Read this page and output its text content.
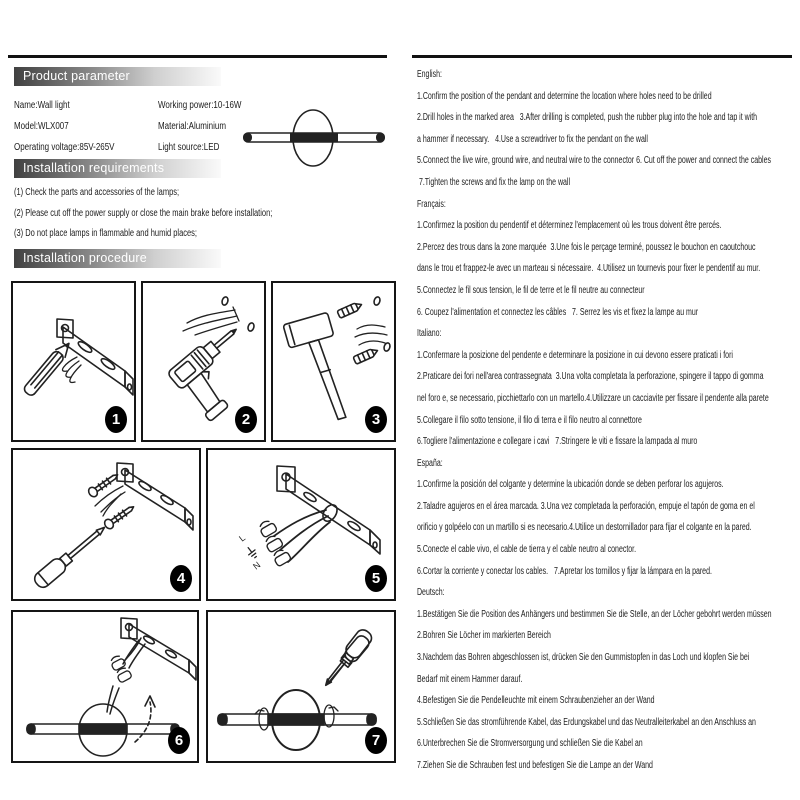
Product parameter
Name:Wall light
Model:WLX007
Operating voltage:85V-265V
Working power:10-16W
Material:Aluminium
Light source:LED
Installation requirements
(1) Check the parts and accessories of the lamps;
(2) Please cut off the power supply or close the main brake before installation;
(3) Do not place lamps in flammable and humid places;
Installation procedure
1	2	3
4
L
N
5
6	7
English:
1.Confirm the position of the pendant and determine the location where holes need to be drilled
2.Drill holes in the marked area   3.After drilling is completed, push the rubber plug into the hole and tap it with
a hammer if necessary.   4.Use a screwdriver to fix the pendant on the wall
5.Connect the live wire, ground wire, and neutral wire to the connector 6. Cut off the power and connect the cables
7.Tighten the screws and fix the lamp on the wall
Français:
1.Confirmez la position du pendentif et déterminez l'emplacement où les trous doivent être percés.
2.Percez des trous dans la zone marquée  3.Une fois le perçage terminé, poussez le bouchon en caoutchouc
dans le trou et frappez-le avec un marteau si nécessaire.  4.Utilisez un tournevis pour fixer le pendentif au mur.
5.Connectez le fil sous tension, le fil de terre et le fil neutre au connecteur
6. Coupez l'alimentation et connectez les câbles   7. Serrez les vis et fixez la lampe au mur
Italiano:
1.Confermare la posizione del pendente e determinare la posizione in cui devono essere praticati i fori
2.Praticare dei fori nell'area contrassegnata  3.Una volta completata la perforazione, spingere il tappo di gomma
nel foro e, se necessario, picchiettarlo con un martello.4.Utilizzare un cacciavite per fissare il pendente alla parete
5.Collegare il filo sotto tensione, il filo di terra e il filo neutro al connettore
6.Togliere l'alimentazione e collegare i cavi   7.Stringere le viti e fissare la lampada al muro
España:
1.Confirme la posición del colgante y determine la ubicación donde se deben perforar los agujeros.
2.Taladre agujeros en el área marcada. 3.Una vez completada la perforación, empuje el tapón de goma en el
orificio y golpéelo con un martillo si es necesario.4.Utilice un destornillador para fijar el colgante en la pared.
5.Conecte el cable vivo, el cable de tierra y el cable neutro al conector.
6.Cortar la corriente y conectar los cables.   7.Apretar los tornillos y fijar la lámpara en la pared.
Deutsch:
1.Bestätigen Sie die Position des Anhängers und bestimmen Sie die Stelle, an der Löcher gebohrt werden müssen
2.Bohren Sie Löcher im markierten Bereich
3.Nachdem das Bohren abgeschlossen ist, drücken Sie den Gummistopfen in das Loch und klopfen Sie bei
Bedarf mit einem Hammer darauf.
4.Befestigen Sie die Pendelleuchte mit einem Schraubenzieher an der Wand
5.Schließen Sie das stromführende Kabel, das Erdungskabel und das Neutralleiterkabel an den Anschluss an
6.Unterbrechen Sie die Stromversorgung und schließen Sie die Kabel an
7.Ziehen Sie die Schrauben fest und befestigen Sie die Lampe an der Wand
